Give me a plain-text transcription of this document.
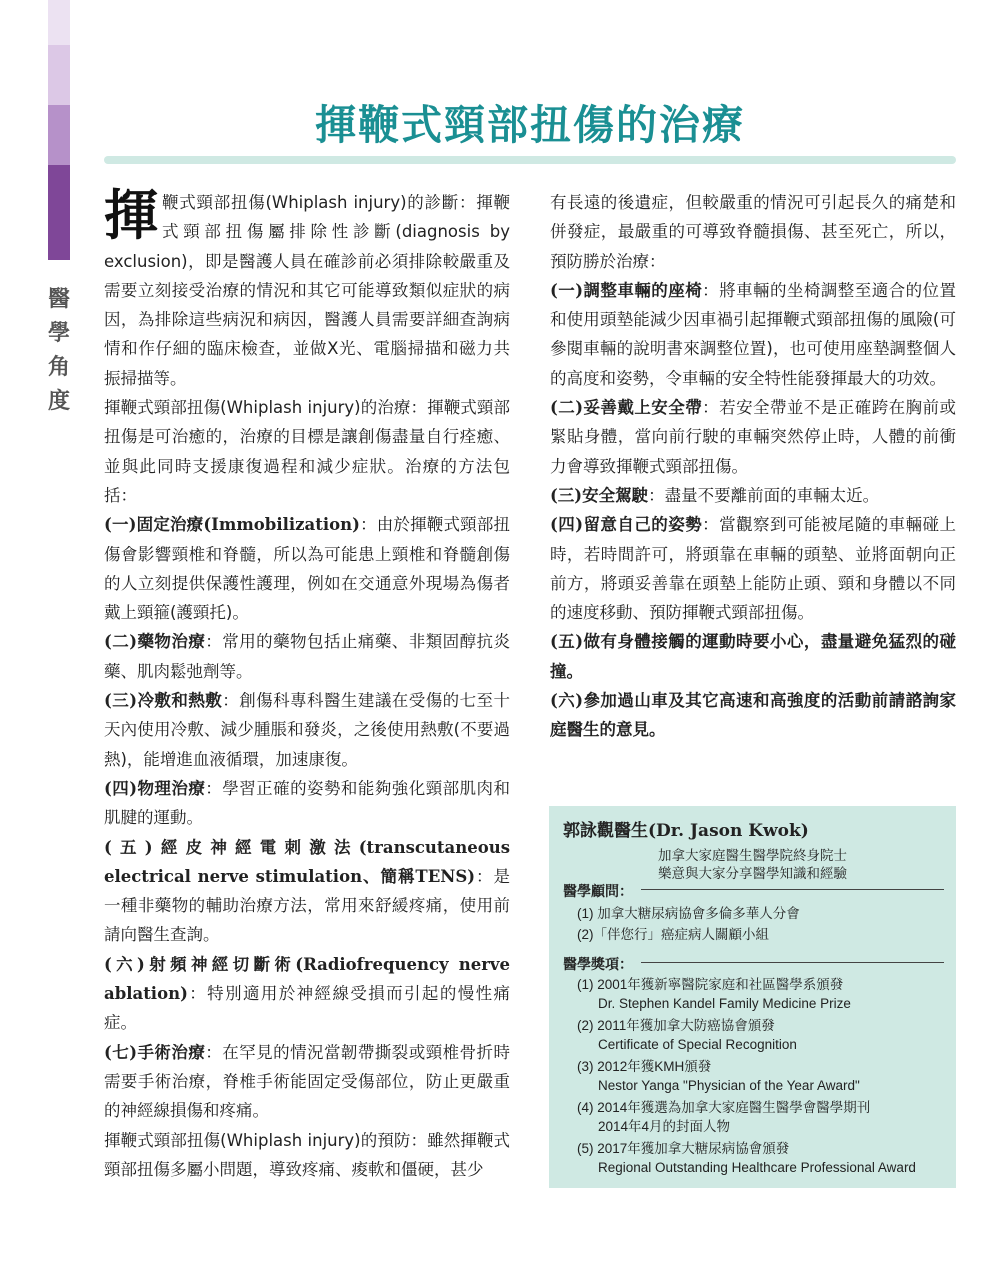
16
醫
學
角
度
揮鞭式頸部扭傷的治療

揮鞭式頸部扭傷(Whiplash injury)的診斷：揮鞭式頸部扭傷屬排除性診斷(diagnosis by exclusion)，即是醫護人員在確診前必須排除較嚴重及需要立刻接受治療的情況和其它可能導致類似症狀的病因，為排除這些病況和病因，醫護人員需要詳細查詢病情和作仔細的臨床檢查，並做X光、電腦掃描和磁力共振掃描等。

揮鞭式頸部扭傷(Whiplash injury)的治療：揮鞭式頸部扭傷是可治癒的，治療的目標是讓創傷盡量自行痊癒、並與此同時支援康復過程和減少症狀。治療的方法包括：

(一)固定治療(Immobilization)：由於揮鞭式頸部扭傷會影響頸椎和脊髓，所以為可能患上頸椎和脊髓創傷的人立刻提供保護性護理，例如在交通意外現場為傷者戴上頸箍(護頸托)。

(二)藥物治療：常用的藥物包括止痛藥、非類固醇抗炎藥、肌肉鬆弛劑等。

(三)冷敷和熱敷：創傷科專科醫生建議在受傷的七至十天內使用冷敷、減少腫脹和發炎，之後使用熱敷(不要過熱)，能增進血液循環，加速康復。

(四)物理治療：學習正確的姿勢和能夠強化頸部肌肉和肌腱的運動。

(五)經皮神經電刺激法(transcutaneous electrical nerve stimulation、簡稱TENS)：是一種非藥物的輔助治療方法，常用來舒緩疼痛，使用前請向醫生查詢。

(六)射頻神經切斷術(Radiofrequency nerve ablation)：特別適用於神經線受損而引起的慢性痛症。

(七)手術治療：在罕見的情況當韌帶撕裂或頸椎骨折時需要手術治療，脊椎手術能固定受傷部位，防止更嚴重的神經線損傷和疼痛。

揮鞭式頸部扭傷(Whiplash injury)的預防：雖然揮鞭式頸部扭傷多屬小問題，導致疼痛、痠軟和僵硬，甚少

有長遠的後遺症，但較嚴重的情況可引起長久的痛楚和併發症，最嚴重的可導致脊髓損傷、甚至死亡，所以，預防勝於治療：

(一)調整車輛的座椅：將車輛的坐椅調整至適合的位置和使用頭墊能減少因車禍引起揮鞭式頸部扭傷的風險(可參閱車輛的說明書來調整位置)，也可使用座墊調整個人的高度和姿勢，令車輛的安全特性能發揮最大的功效。

(二)妥善戴上安全帶：若安全帶並不是正確跨在胸前或緊貼身體，當向前行駛的車輛突然停止時，人體的前衝力會導致揮鞭式頸部扭傷。

(三)安全駕駛：盡量不要離前面的車輛太近。

(四)留意自己的姿勢：當觀察到可能被尾隨的車輛碰上時，若時間許可，將頭靠在車輛的頭墊、並將面朝向正前方，將頭妥善靠在頭墊上能防止頭、頸和身體以不同的速度移動、預防揮鞭式頸部扭傷。

(五)做有身體接觸的運動時要小心，盡量避免猛烈的碰撞。

(六)參加過山車及其它高速和高強度的活動前請諮詢家庭醫生的意見。

郭詠觀醫生(Dr. Jason Kwok)
加拿大家庭醫生醫學院終身院士
樂意與大家分享醫學知識和經驗
醫學顧問：
(1) 加拿大糖尿病協會多倫多華人分會
(2)「伴您行」癌症病人關顧小組
醫學獎項：
(1) 2001年獲新寧醫院家庭和社區醫學系頒發
Dr. Stephen Kandel Family Medicine Prize
(2) 2011年獲加拿大防癌協會頒發
Certificate of Special Recognition
(3) 2012年獲KMH頒發
Nestor Yanga "Physician of the Year Award"
(4) 2014年獲選為加拿大家庭醫生醫學會醫學期刊
2014年4月的封面人物
(5) 2017年獲加拿大糖尿病協會頒發
Regional Outstanding Healthcare Professional Award
